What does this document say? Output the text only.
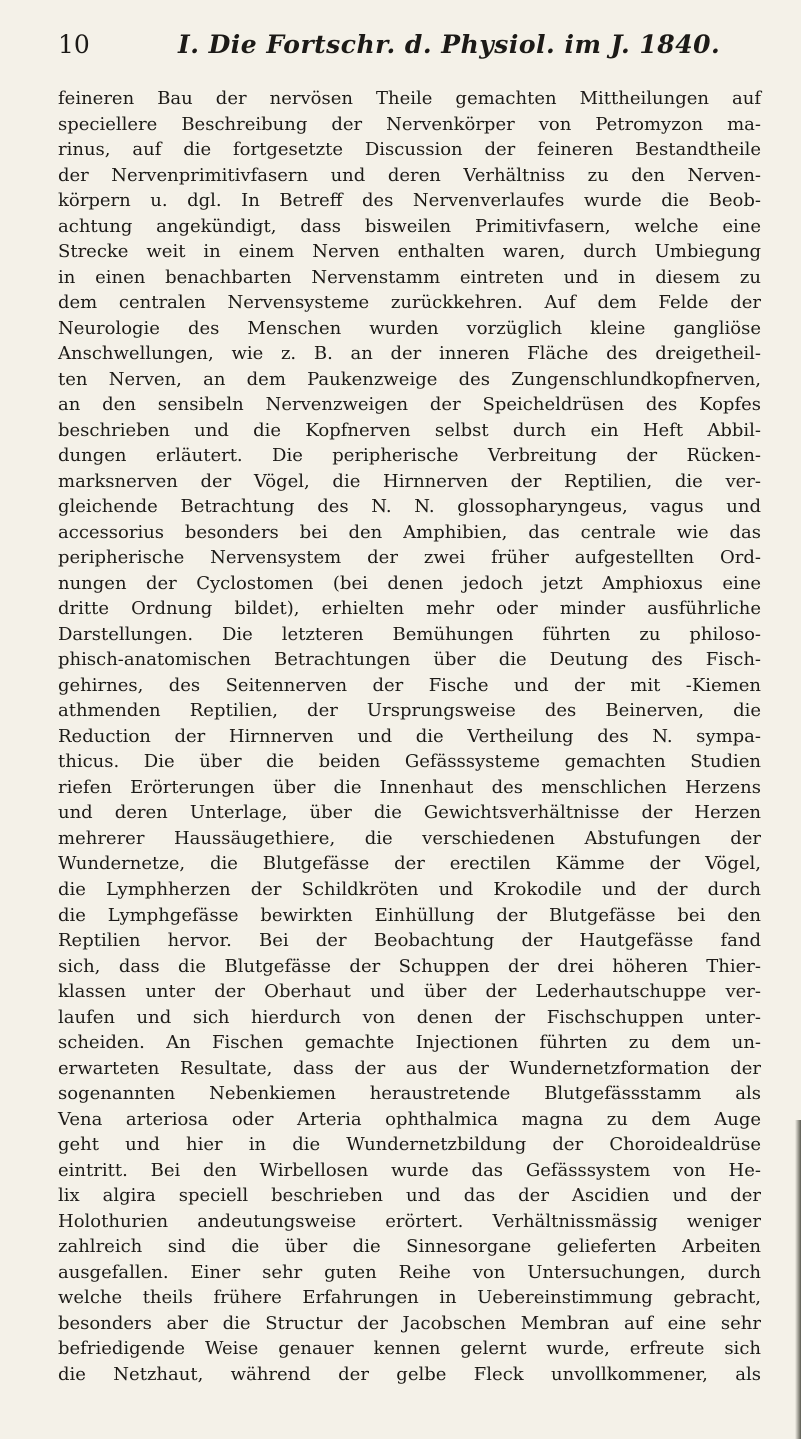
10	I. Die Fortschr. d. Physiol. im J. 1840.
feineren Bau der nervösen Theile gemachten Mittheilungen auf
speciellere Beschreibung der Nervenkörper von Petromyzon ma-
rinus, auf die fortgesetzte Discussion der feineren Bestandtheile
der Nervenprimitivfasern und deren Verhältniss zu den Nerven-
körpern u. dgl. In Betreff des Nervenverlaufes wurde die Beob-
achtung angekündigt, dass bisweilen Primitivfasern, welche eine
Strecke weit in einem Nerven enthalten waren, durch Umbiegung
in einen benachbarten Nervenstamm eintreten und in diesem zu
dem centralen Nervensysteme zurückkehren. Auf dem Felde der
Neurologie des Menschen wurden vorzüglich kleine gangliöse
Anschwellungen, wie z. B. an der inneren Fläche des dreigetheil-
ten Nerven, an dem Paukenzweige des Zungenschlundkopfnerven,
an den sensibeln Nervenzweigen der Speicheldrüsen des Kopfes
beschrieben und die Kopfnerven selbst durch ein Heft Abbil-
dungen erläutert. Die peripherische Verbreitung der Rücken-
marksnerven der Vögel, die Hirnnerven der Reptilien, die ver-
gleichende Betrachtung des N. N. glossopharyngeus, vagus und
accessorius besonders bei den Amphibien, das centrale wie das
peripherische Nervensystem der zwei früher aufgestellten Ord-
nungen der Cyclostomen (bei denen jedoch jetzt Amphioxus eine
dritte Ordnung bildet), erhielten mehr oder minder ausführliche
Darstellungen. Die letzteren Bemühungen führten zu philoso-
phisch-anatomischen Betrachtungen über die Deutung des Fisch-
gehirnes, des Seitennerven der Fische und der mit -Kiemen
athmenden Reptilien, der Ursprungsweise des Beinerven, die
Reduction der Hirnnerven und die Vertheilung des N. sympa-
thicus. Die über die beiden Gefässsysteme gemachten Studien
riefen Erörterungen über die Innenhaut des menschlichen Herzens
und deren Unterlage, über die Gewichtsverhältnisse der Herzen
mehrerer Haussäugethiere, die verschiedenen Abstufungen der
Wundernetze, die Blutgefässe der erectilen Kämme der Vögel,
die Lymphherzen der Schildkröten und Krokodile und der durch
die Lymphgefässe bewirkten Einhüllung der Blutgefässe bei den
Reptilien hervor. Bei der Beobachtung der Hautgefässe fand
sich, dass die Blutgefässe der Schuppen der drei höheren Thier-
klassen unter der Oberhaut und über der Lederhautschuppe ver-
laufen und sich hierdurch von denen der Fischschuppen unter-
scheiden. An Fischen gemachte Injectionen führten zu dem un-
erwarteten Resultate, dass der aus der Wundernetzformation der
sogenannten Nebenkiemen heraustretende Blutgefässstamm als
Vena arteriosa oder Arteria ophthalmica magna zu dem Auge
geht und hier in die Wundernetzbildung der Choroidealdrüse
eintritt. Bei den Wirbellosen wurde das Gefässsystem von He-
lix algira speciell beschrieben und das der Ascidien und der
Holothurien andeutungsweise erörtert. Verhältnissmässig weniger
zahlreich sind die über die Sinnesorgane gelieferten Arbeiten
ausgefallen. Einer sehr guten Reihe von Untersuchungen, durch
welche theils frühere Erfahrungen in Uebereinstimmung gebracht,
besonders aber die Structur der Jacobschen Membran auf eine sehr
befriedigende Weise genauer kennen gelernt wurde, erfreute sich
die Netzhaut, während der gelbe Fleck unvollkommener, als
